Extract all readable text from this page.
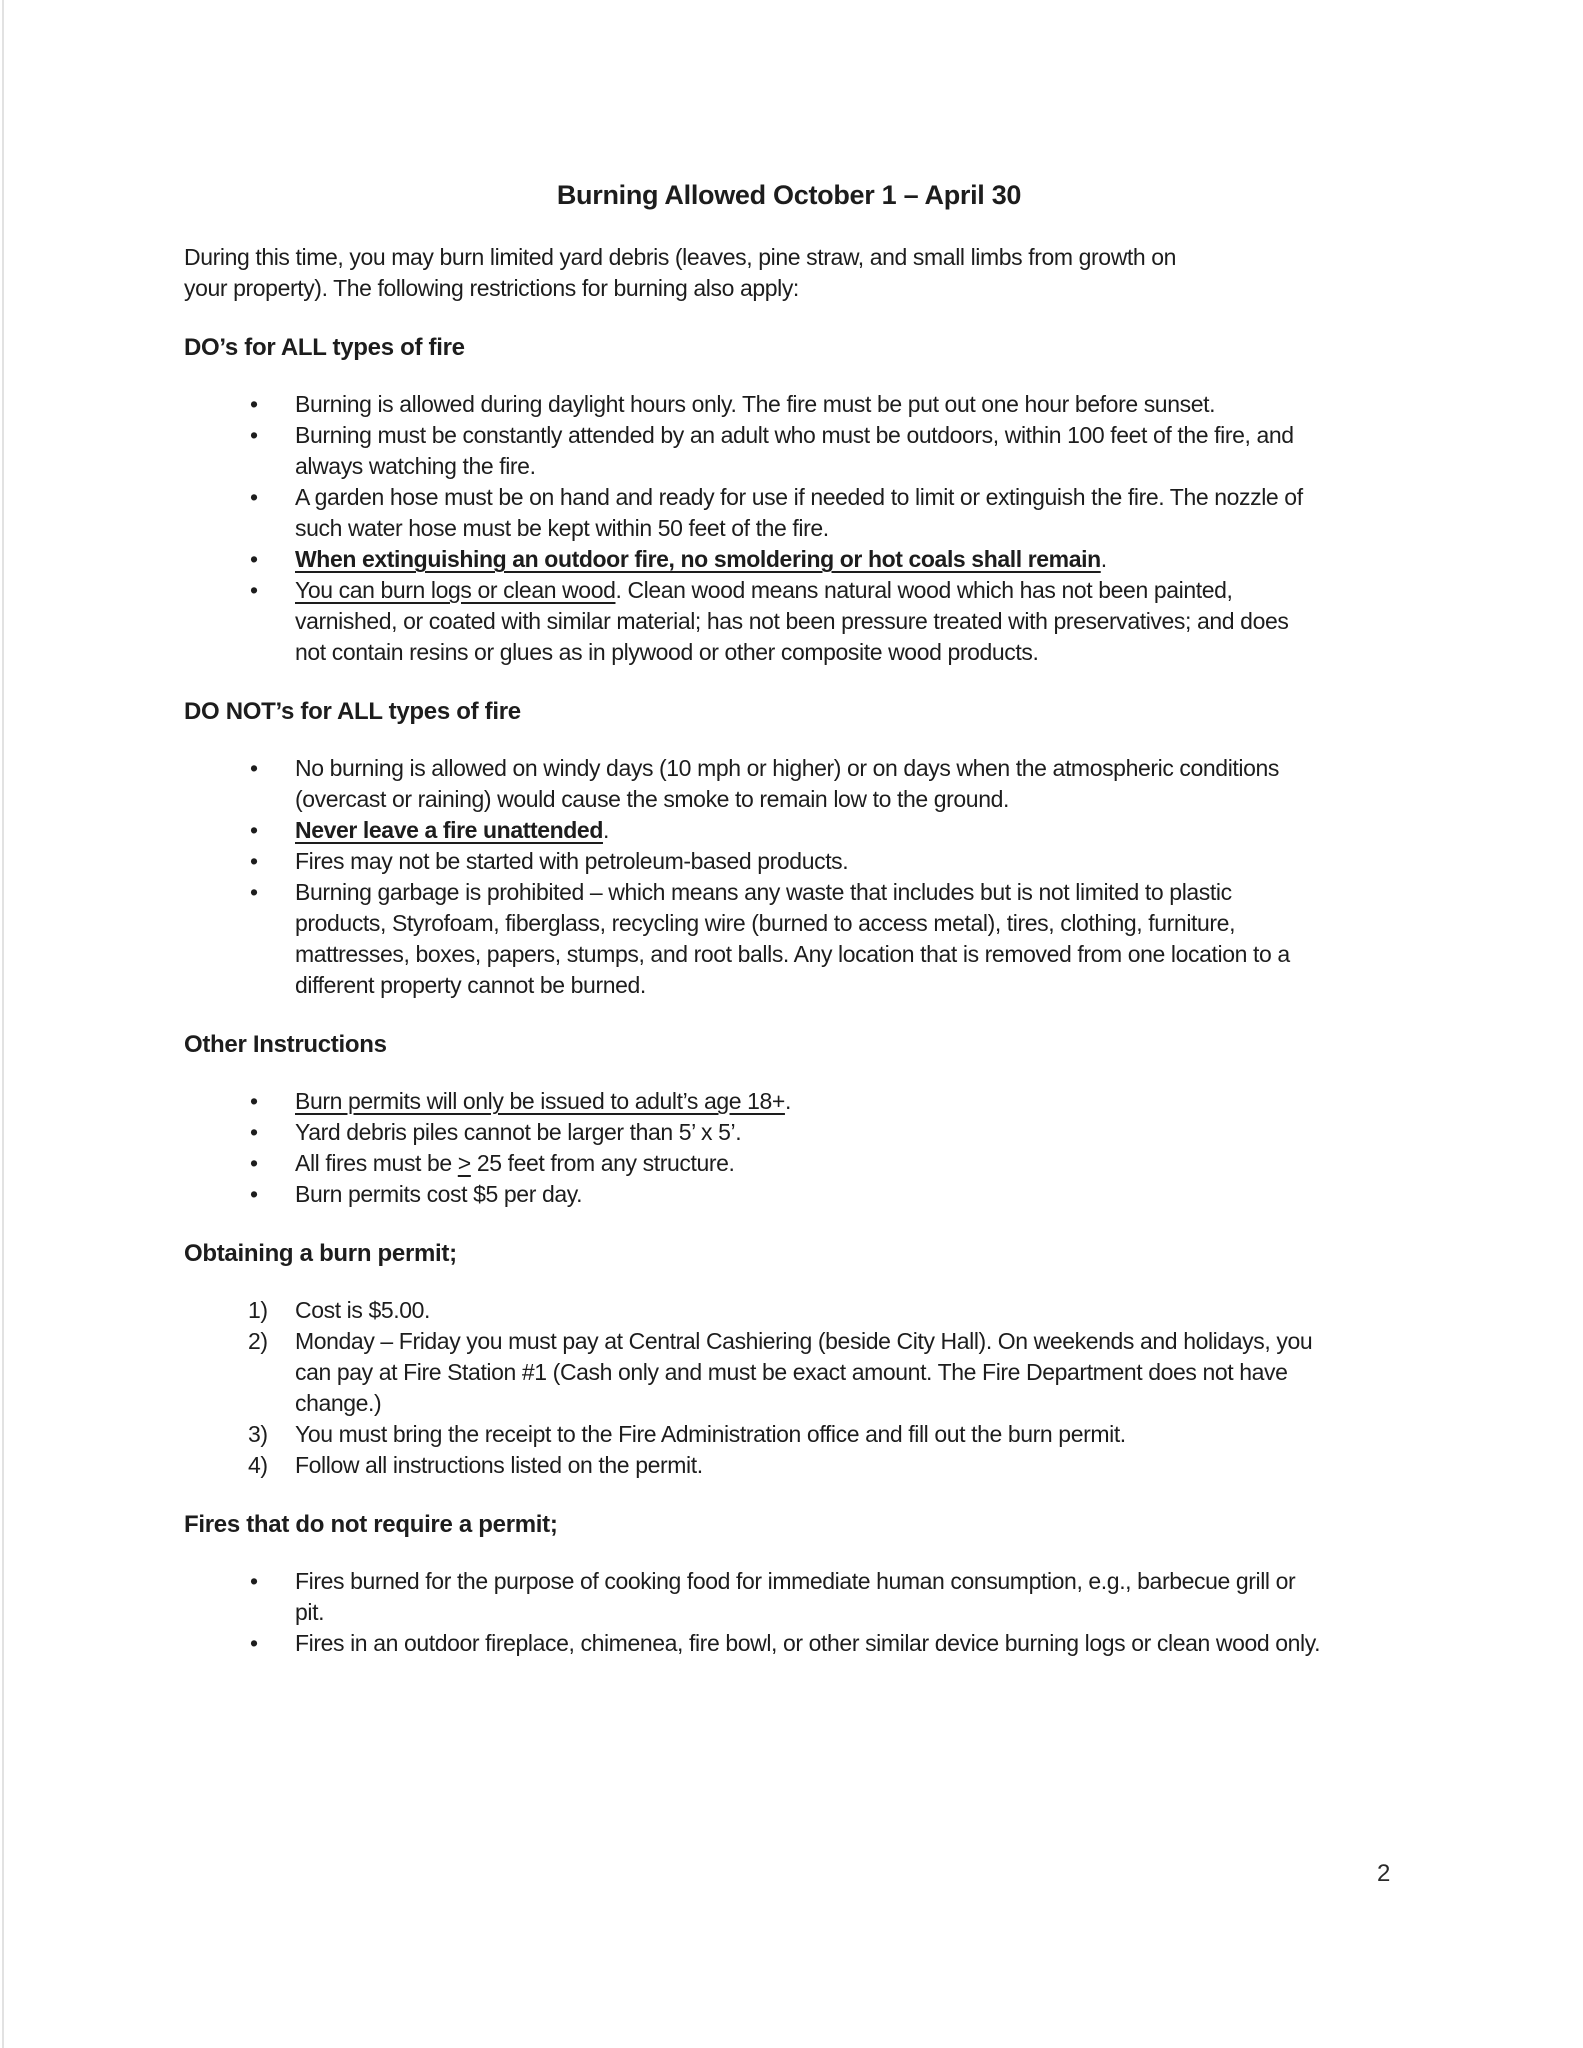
Burning Allowed October 1 – April 30
During this time, you may burn limited yard debris (leaves, pine straw, and small limbs from growth on
your property). The following restrictions for burning also apply:
DO’s for ALL types of fire
• Burning is allowed during daylight hours only. The fire must be put out one hour before sunset.
• Burning must be constantly attended by an adult who must be outdoors, within 100 feet of the fire, and
always watching the fire.
• A garden hose must be on hand and ready for use if needed to limit or extinguish the fire. The nozzle of
such water hose must be kept within 50 feet of the fire.
• When extinguishing an outdoor fire, no smoldering or hot coals shall remain.
• You can burn logs or clean wood. Clean wood means natural wood which has not been painted,
varnished, or coated with similar material; has not been pressure treated with preservatives; and does
not contain resins or glues as in plywood or other composite wood products.
DO NOT’s for ALL types of fire
• No burning is allowed on windy days (10 mph or higher) or on days when the atmospheric conditions
(overcast or raining) would cause the smoke to remain low to the ground.
• Never leave a fire unattended.
• Fires may not be started with petroleum-based products.
• Burning garbage is prohibited – which means any waste that includes but is not limited to plastic
products, Styrofoam, fiberglass, recycling wire (burned to access metal), tires, clothing, furniture,
mattresses, boxes, papers, stumps, and root balls. Any location that is removed from one location to a
different property cannot be burned.
Other Instructions
• Burn permits will only be issued to adult’s age 18+.
• Yard debris piles cannot be larger than 5’ x 5’.
• All fires must be ≥ 25 feet from any structure.
• Burn permits cost $5 per day.
Obtaining a burn permit;
1) Cost is $5.00.
2) Monday – Friday you must pay at Central Cashiering (beside City Hall). On weekends and holidays, you
can pay at Fire Station #1 (Cash only and must be exact amount. The Fire Department does not have
change.)
3) You must bring the receipt to the Fire Administration office and fill out the burn permit.
4) Follow all instructions listed on the permit.
Fires that do not require a permit;
• Fires burned for the purpose of cooking food for immediate human consumption, e.g., barbecue grill or
pit.
• Fires in an outdoor fireplace, chimenea, fire bowl, or other similar device burning logs or clean wood only.
2
